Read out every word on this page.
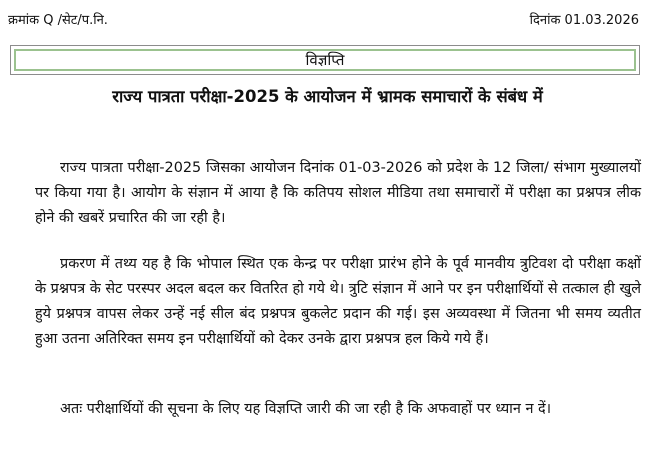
क्रमांक Q /सेट/प.नि.	दिनांक 01.03.2026
विज्ञप्ति
राज्य पात्रता परीक्षा-2025 के आयोजन में भ्रामक समाचारों के संबंध में

राज्य पात्रता परीक्षा-2025 जिसका आयोजन दिनांक 01-03-2026 को प्रदेश के 12 जिला/ संभाग मुख्यालयों पर किया गया है। आयोग के संज्ञान में आया है कि कतिपय सोशल मीडिया तथा समाचारों में परीक्षा का प्रश्नपत्र लीक होने की खबरें प्रचारित की जा रही है।

प्रकरण में तथ्य यह है कि भोपाल स्थित एक केन्द्र पर परीक्षा प्रारंभ होने के पूर्व मानवीय त्रुटिवश दो परीक्षा कक्षों के प्रश्नपत्र के सेट परस्पर अदल बदल कर वितरित हो गये थे। त्रुटि संज्ञान में आने पर इन परीक्षार्थियों से तत्काल ही खुले हुये प्रश्नपत्र वापस लेकर उन्हें नई सील बंद प्रश्नपत्र बुकलेट प्रदान की गई। इस अव्यवस्था में जितना भी समय व्यतीत हुआ उतना अतिरिक्त समय इन परीक्षार्थियों को देकर उनके द्वारा प्रश्नपत्र हल किये गये हैं।

अतः परीक्षार्थियों की सूचना के लिए यह विज्ञप्ति जारी की जा रही है कि अफवाहों पर ध्यान न दें।
